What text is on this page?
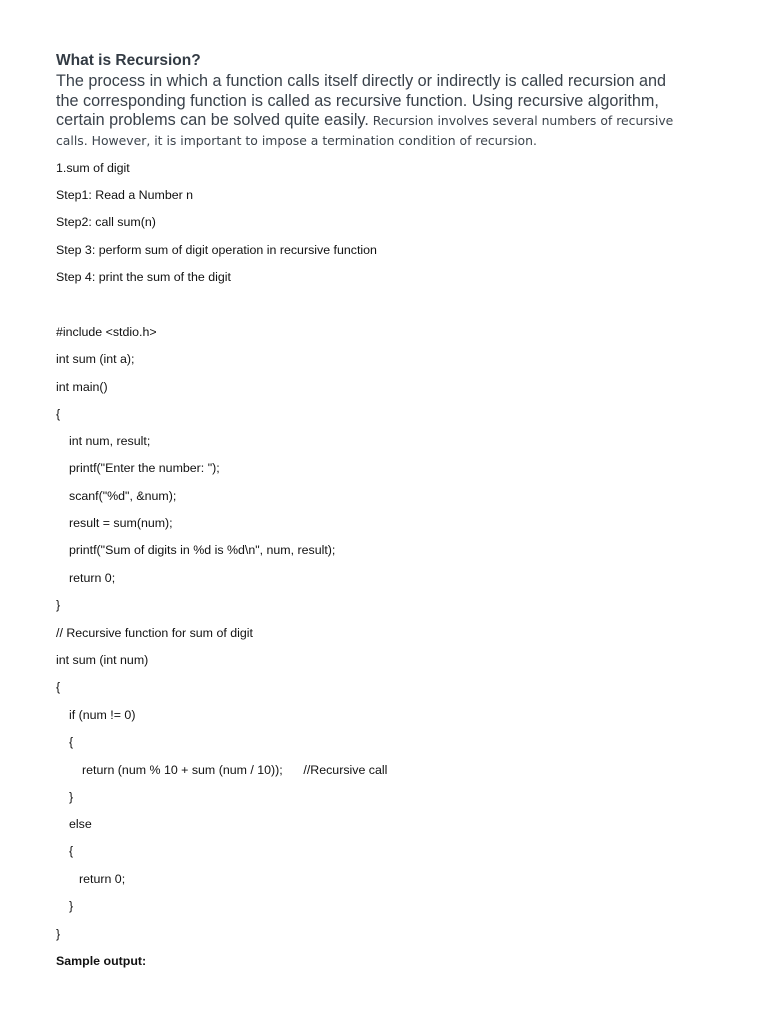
What is Recursion?
The process in which a function calls itself directly or indirectly is called recursion and
the corresponding function is called as recursive function. Using recursive algorithm,
certain problems can be solved quite easily. Recursion involves several numbers of recursive
calls. However, it is important to impose a termination condition of recursion.
1.sum of digit
Step1: Read a Number n
Step2: call sum(n)
Step 3: perform sum of digit operation in recursive function
Step 4: print the sum of the digit
#include <stdio.h>
int sum (int a);
int main()
{
int num, result;
printf("Enter the number: ");
scanf("%d", &num);
result = sum(num);
printf("Sum of digits in %d is %d\n", num, result);
return 0;
}
// Recursive function for sum of digit
int sum (int num)
{
if (num != 0)
{
return (num % 10 + sum (num / 10));      //Recursive call
}
else
{
return 0;
}
}
Sample output:
